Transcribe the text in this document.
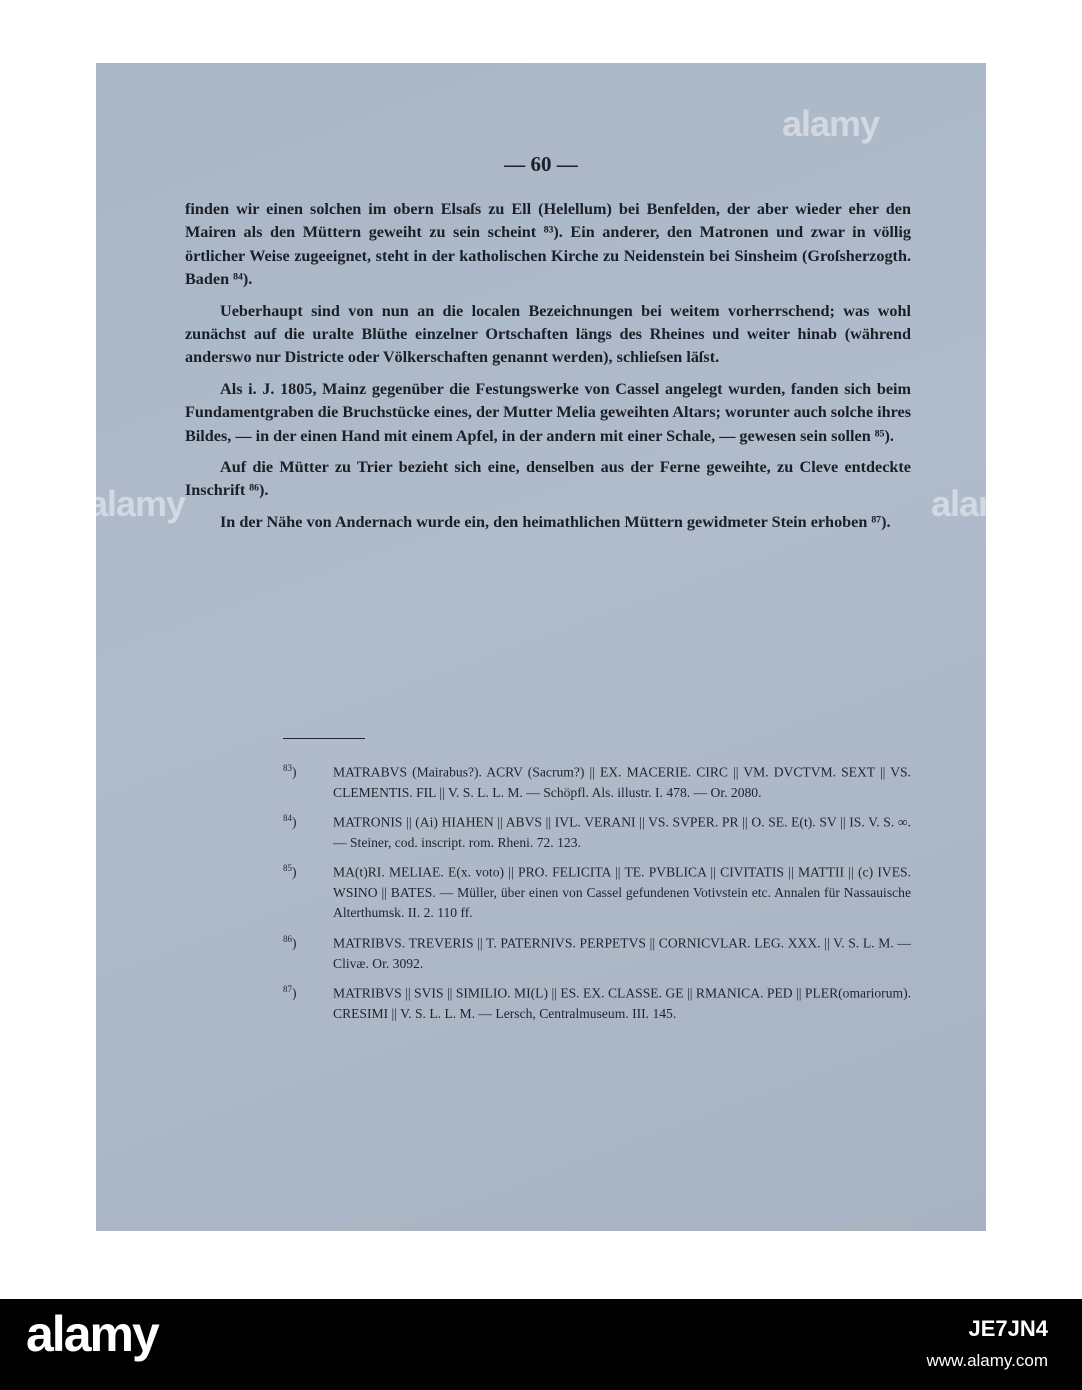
alamy
alamy	alamy
— 60 —

finden wir einen solchen im obern Elsaſs zu Ell (Helellum) bei Benfelden, der aber wieder eher den Mairen als den Müttern geweiht zu sein scheint ⁸³). Ein anderer, den Matronen und zwar in völlig örtlicher Weise zugeeignet, steht in der katholischen Kirche zu Neidenstein bei Sinsheim (Groſsherzogth. Baden ⁸⁴).

Ueberhaupt sind von nun an die localen Bezeichnungen bei weitem vorherrschend; was wohl zunächst auf die uralte Blüthe einzelner Ortschaften längs des Rheines und weiter hinab (während anderswo nur Districte oder Völkerschaften genannt werden), schlieſsen läſst.

Als i. J. 1805, Mainz gegenüber die Festungswerke von Cassel angelegt wurden, fanden sich beim Fundamentgraben die Bruchstücke eines, der Mutter Melia geweihten Altars; worunter auch solche ihres Bildes, — in der einen Hand mit einem Apfel, in der andern mit einer Schale, — gewesen sein sollen ⁸⁵).

Auf die Mütter zu Trier bezieht sich eine, denselben aus der Ferne geweihte, zu Cleve entdeckte Inschrift ⁸⁶).

In der Nähe von Andernach wurde ein, den heimathlichen Müttern gewidmeter Stein erhoben ⁸⁷).

$^{83}$)	MATRABVS (Mairabus?). ACRV (Sacrum?) || EX. MACERIE. CIRC || VM. DVCTVM. SEXT || VS. CLEMENTIS. FIL || V. S. L. L. M. — Schöpfl. Als. illustr. I. 478. — Or. 2080.

$^{84}$)	MATRONIS || (Ai) HIAHEN || ABVS || IVL. VERANI || VS. SVPER. PR || O. SE. E(t). SV || IS. V. S. ∞. — Steiner, cod. inscript. rom. Rheni. 72. 123.

$^{85}$)	MA(t)RI. MELIAE. E(x. voto) || PRO. FELICITA || TE. PVBLICA || CIVITATIS || MATTII || (c) IVES. WSINO || BATES. — Müller, über einen von Cassel gefundenen Votivstein etc. Annalen für Nassauische Alterthumsk. II. 2. 110 ff.

$^{86}$)	MATRIBVS. TREVERIS || T. PATERNIVS. PERPETVS || CORNICVLAR. LEG. XXX. || V. S. L. M. — Clivæ. Or. 3092.

$^{87}$)	MATRIBVS || SVIS || SIMILIO. MI(L) || ES. EX. CLASSE. GE || RMANICA. PED || PLER(omariorum). CRESIMI || V. S. L. L. M. — Lersch, Centralmuseum. III. 145.

alamy	JE7JN4
www.alamy.com
